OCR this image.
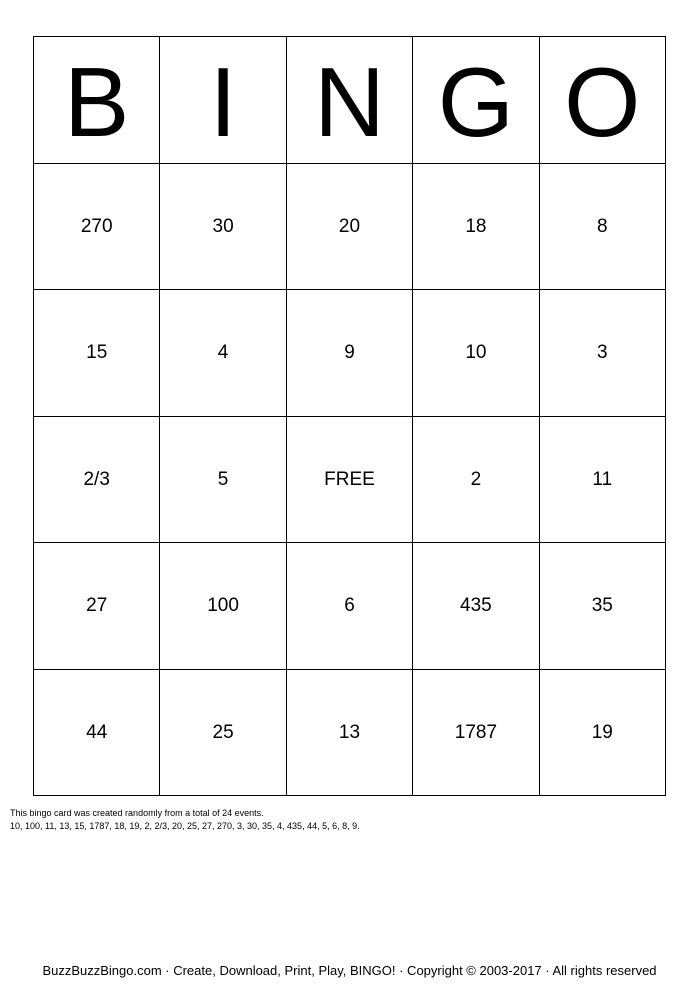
B I N G O
270	30	20	18	8
15	4	9	10	3
2/3	5	FREE	2	11
27	100	6	435	35
44	25	13	1787	19
This bingo card was created randomly from a total of 24 events.
10, 100, 11, 13, 15, 1787, 18, 19, 2, 2/3, 20, 25, 27, 270, 3, 30, 35, 4, 435, 44, 5, 6, 8, 9.
BuzzBuzzBingo.com · Create, Download, Print, Play, BINGO! · Copyright © 2003-2017 · All rights reserved
